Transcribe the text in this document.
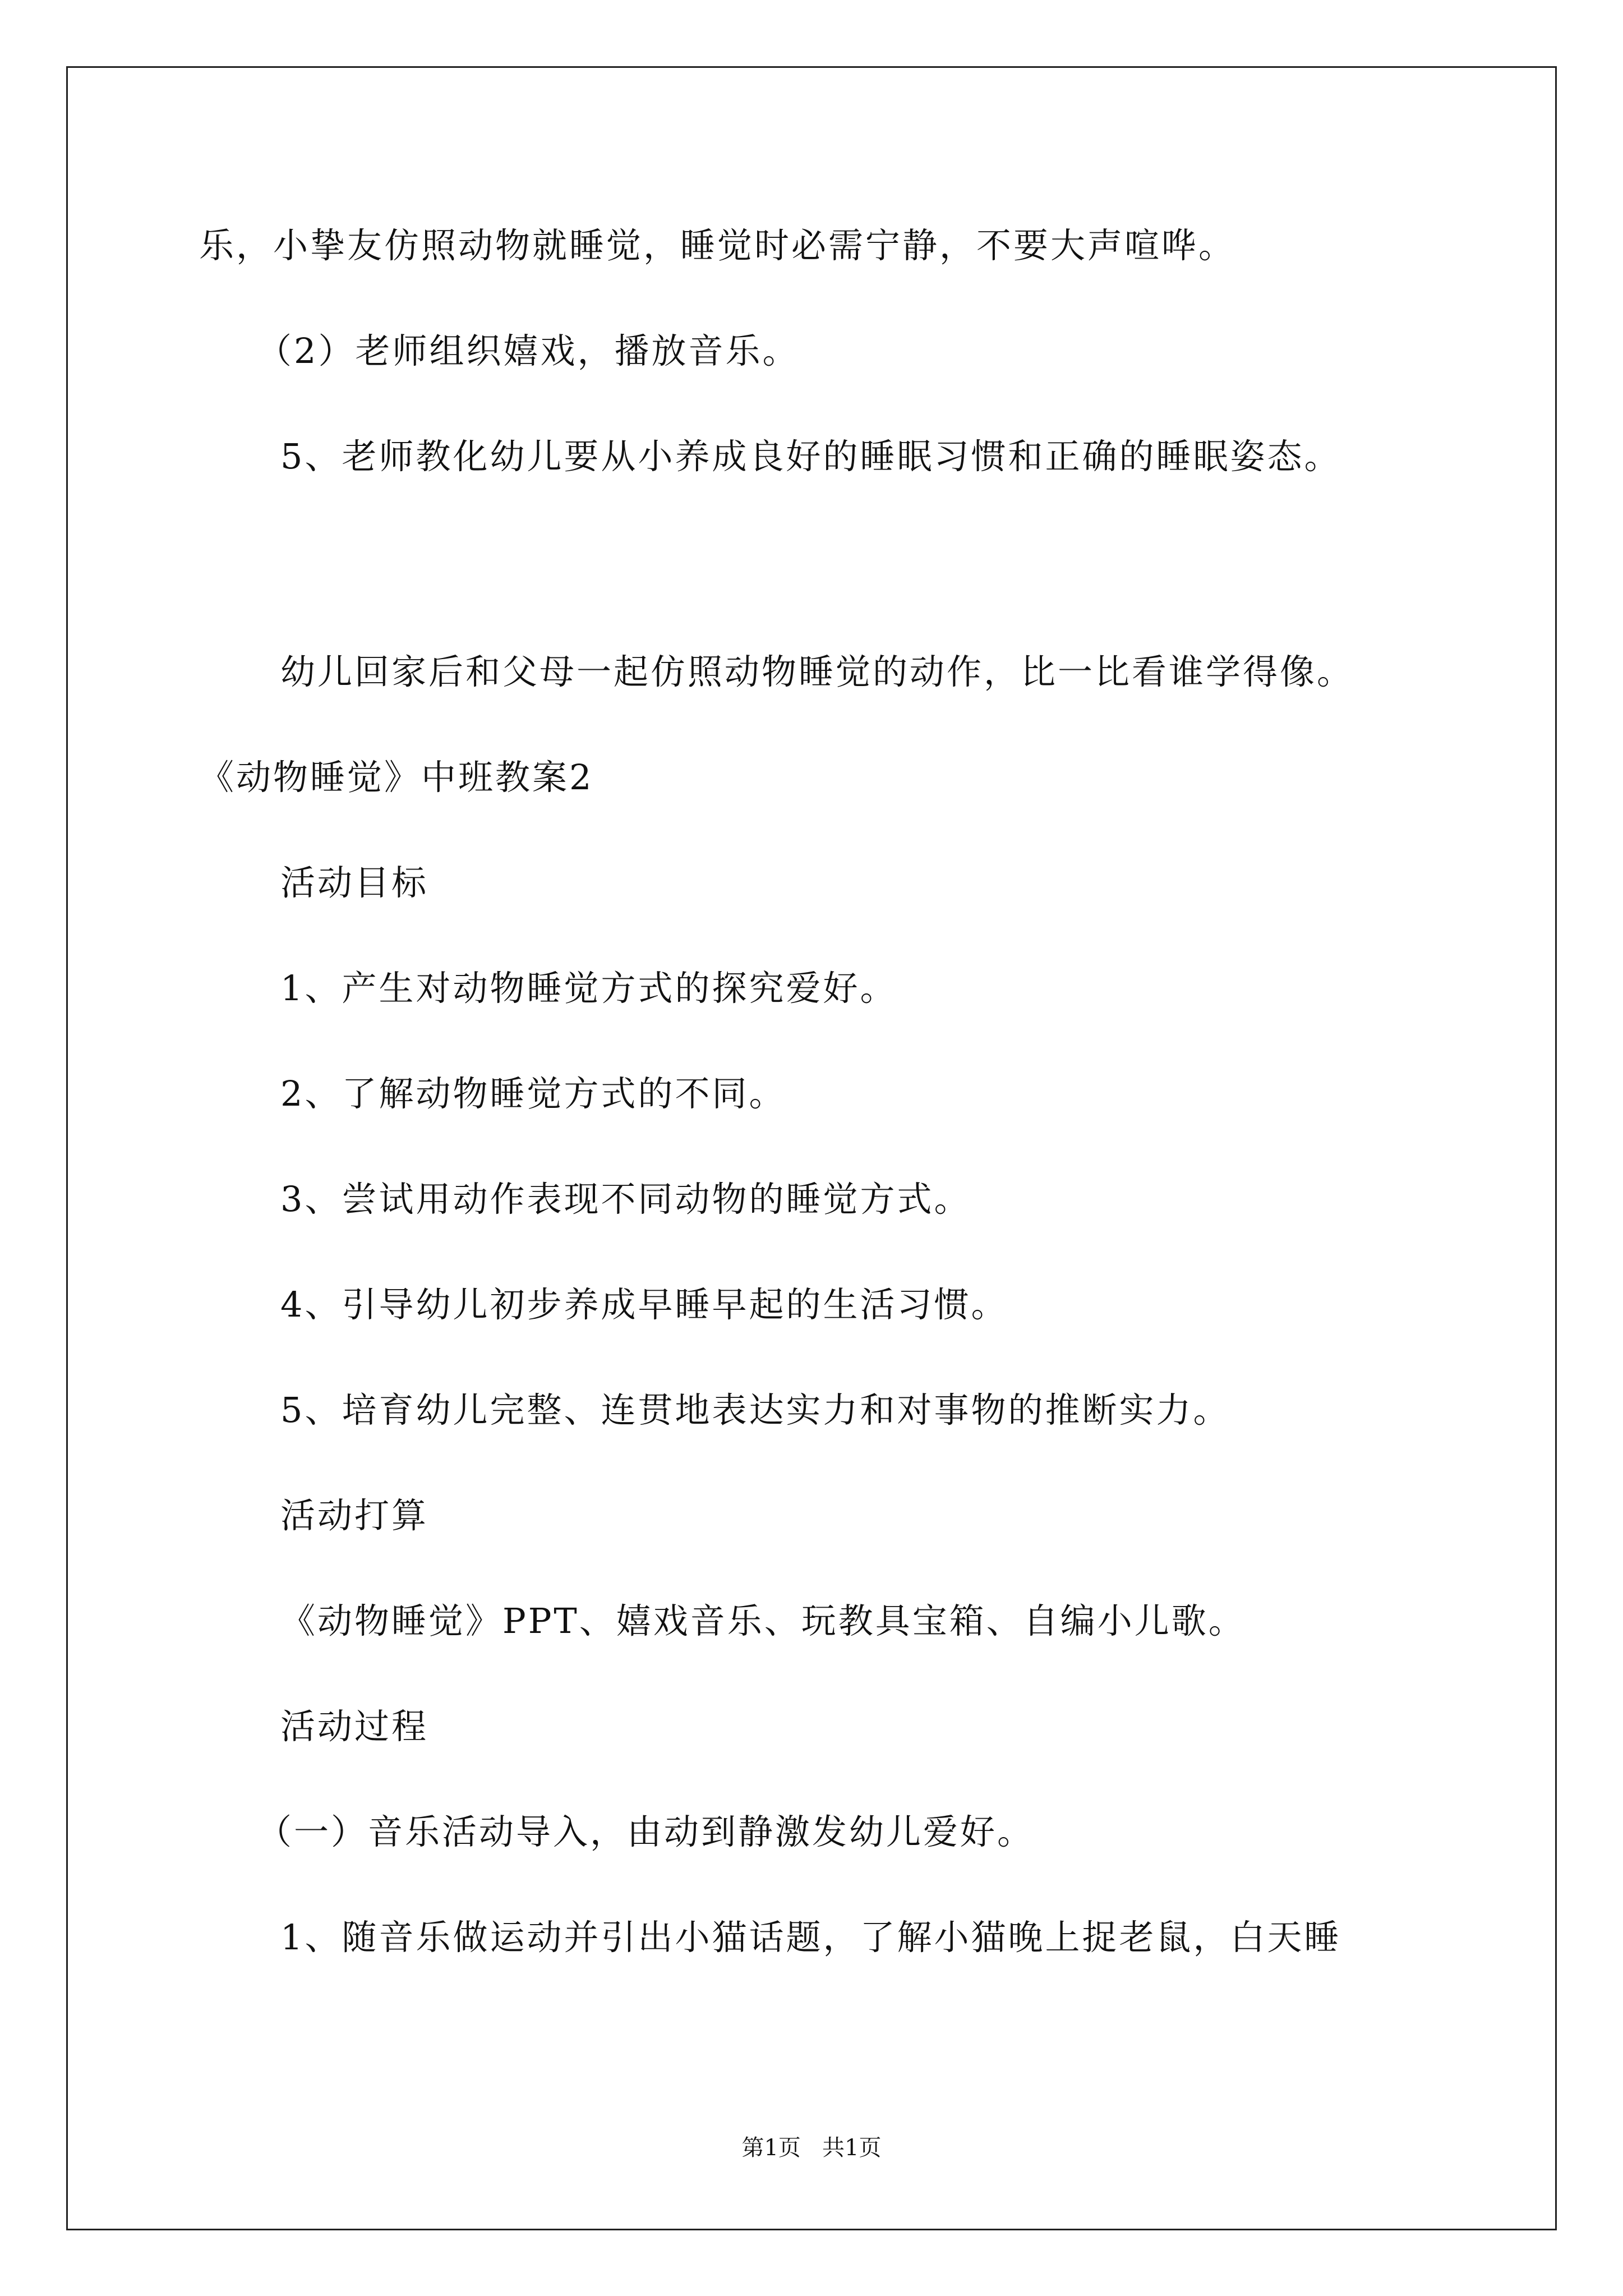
乐，小挚友仿照动物就睡觉，睡觉时必需宁静，不要大声喧哗。

（2）老师组织嬉戏，播放音乐。

5、老师教化幼儿要从小养成良好的睡眠习惯和正确的睡眠姿态。

幼儿回家后和父母一起仿照动物睡觉的动作，比一比看谁学得像。

《动物睡觉》中班教案2

活动目标

1、产生对动物睡觉方式的探究爱好。

2、了解动物睡觉方式的不同。

3、尝试用动作表现不同动物的睡觉方式。

4、引导幼儿初步养成早睡早起的生活习惯。

5、培育幼儿完整、连贯地表达实力和对事物的推断实力。

活动打算

《动物睡觉》PPT、嬉戏音乐、玩教具宝箱、自编小儿歌。

活动过程

（一）音乐活动导入，由动到静激发幼儿爱好。

1、随音乐做运动并引出小猫话题，了解小猫晚上捉老鼠，白天睡

第1页   共1页
